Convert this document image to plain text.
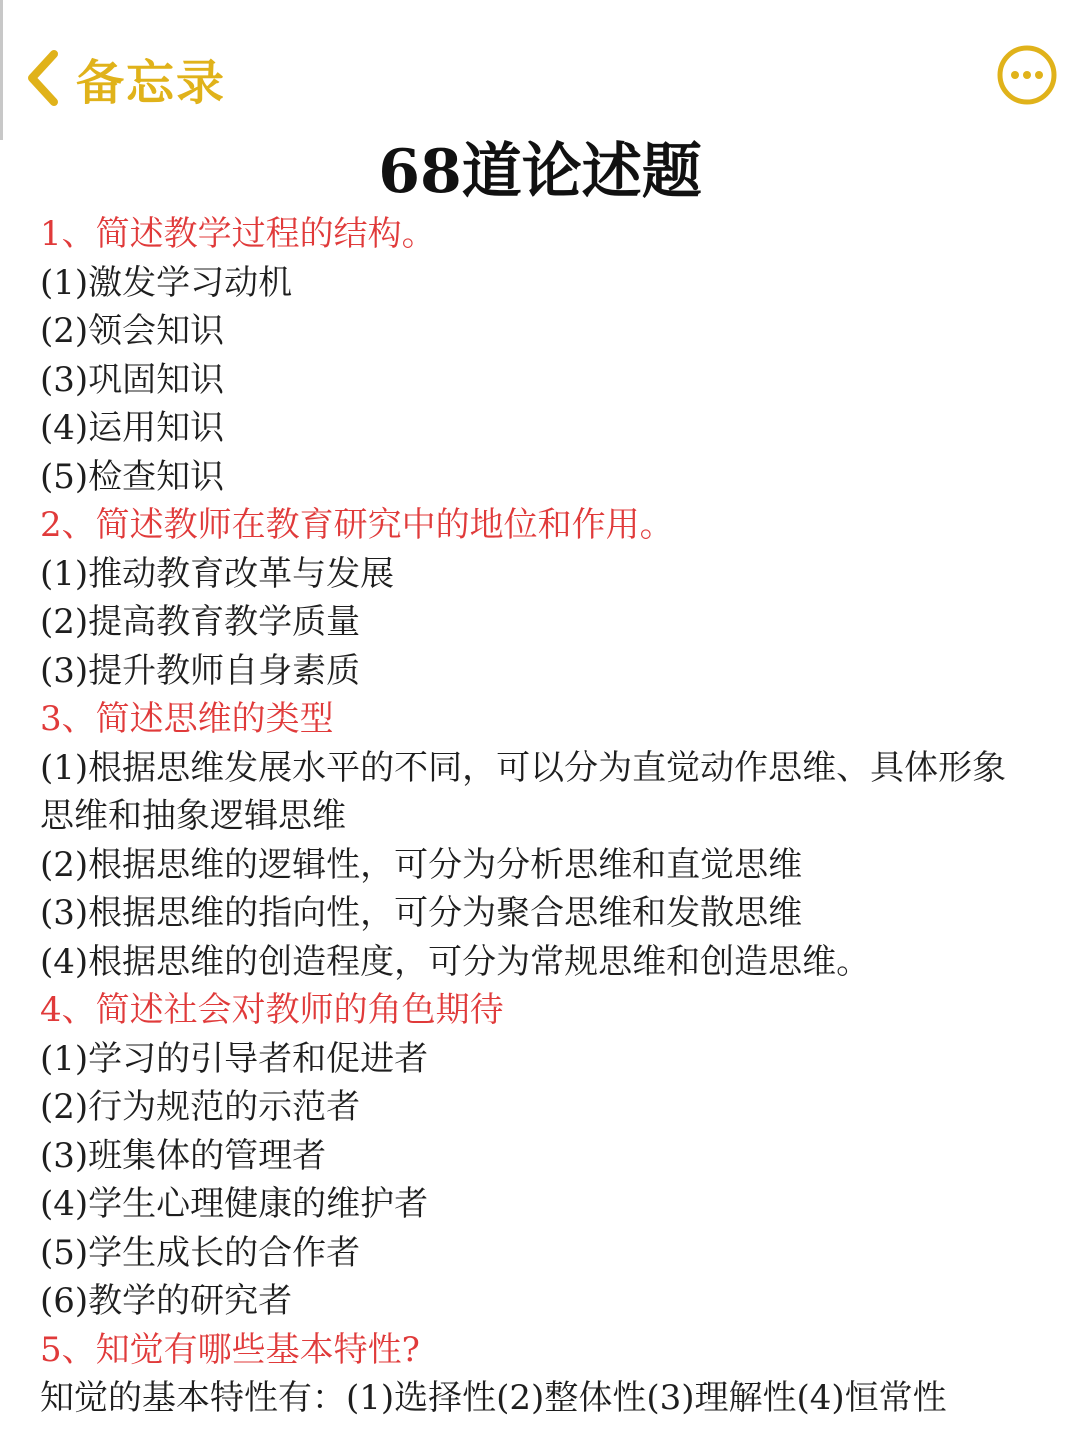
备忘录
68道论述题
1、简述教学过程的结构。
(1)激发学习动机
(2)领会知识
(3)巩固知识
(4)运用知识
(5)检查知识
2、简述教师在教育研究中的地位和作用。
(1)推动教育改革与发展
(2)提高教育教学质量
(3)提升教师自身素质
3、简述思维的类型
(1)根据思维发展水平的不同，可以分为直觉动作思维、具体形象思维和抽象逻辑思维
(2)根据思维的逻辑性，可分为分析思维和直觉思维
(3)根据思维的指向性，可分为聚合思维和发散思维
(4)根据思维的创造程度，可分为常规思维和创造思维。
4、简述社会对教师的角色期待
(1)学习的引导者和促进者
(2)行为规范的示范者
(3)班集体的管理者
(4)学生心理健康的维护者
(5)学生成长的合作者
(6)教学的研究者
5、知觉有哪些基本特性?
知觉的基本特性有：(1)选择性(2)整体性(3)理解性(4)恒常性
